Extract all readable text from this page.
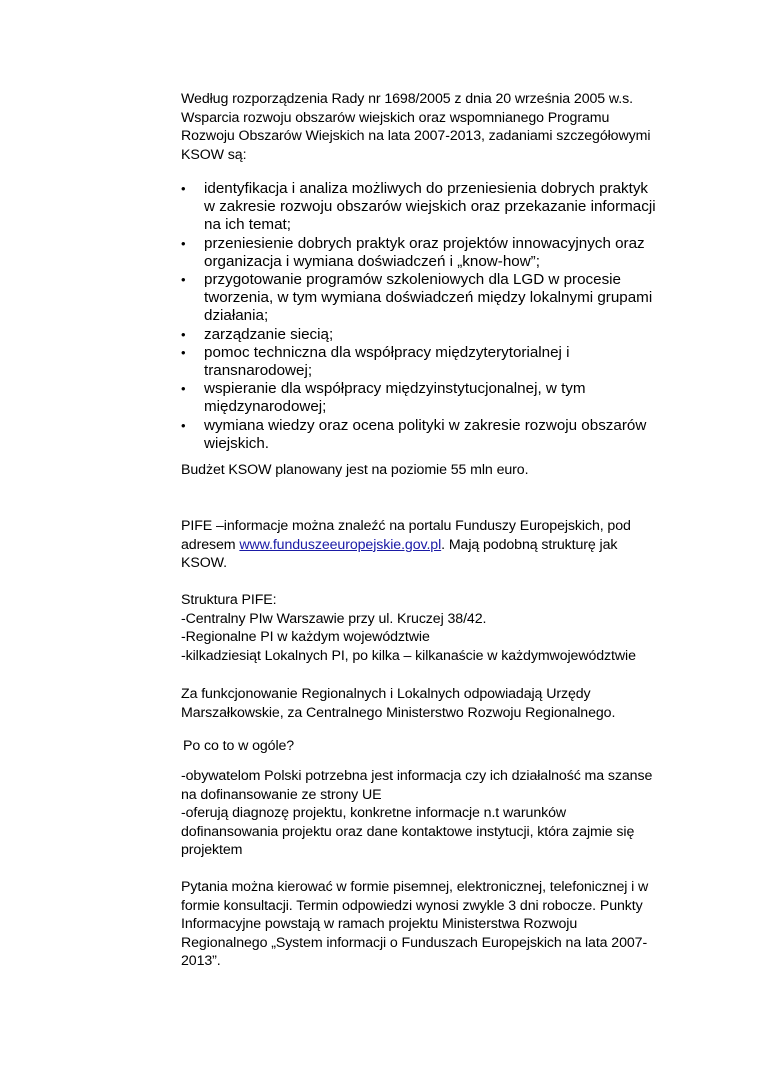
Według rozporządzenia Rady nr 1698/2005 z dnia 20 września 2005 w.s.
Wsparcia rozwoju obszarów wiejskich oraz wspomnianego Programu
Rozwoju Obszarów Wiejskich na lata 2007-2013, zadaniami szczegółowymi
KSOW są:
• identyfikacja i analiza możliwych do przeniesienia dobrych praktyk
w zakresie rozwoju obszarów wiejskich oraz przekazanie informacji
na ich temat;
• przeniesienie dobrych praktyk oraz projektów innowacyjnych oraz
organizacja i wymiana doświadczeń i „know-how”;
• przygotowanie programów szkoleniowych dla LGD w procesie
tworzenia, w tym wymiana doświadczeń między lokalnymi grupami
działania;
• zarządzanie siecią;
• pomoc techniczna dla współpracy międzyterytorialnej i
transnarodowej;
• wspieranie dla współpracy międzyinstytucjonalnej, w tym
międzynarodowej;
• wymiana wiedzy oraz ocena polityki w zakresie rozwoju obszarów
wiejskich.
Budżet KSOW planowany jest na poziomie 55 mln euro.
PIFE –informacje można znaleźć na portalu Funduszy Europejskich, pod
adresem www.funduszeeuropejskie.gov.pl. Mają podobną strukturę jak
KSOW.
Struktura PIFE:
-Centralny PIw Warszawie przy ul. Kruczej 38/42.
-Regionalne PI w każdym województwie
-kilkadziesiąt Lokalnych PI, po kilka – kilkanaście w każdymwojewództwie
Za funkcjonowanie Regionalnych i Lokalnych odpowiadają Urzędy
Marszałkowskie, za Centralnego Ministerstwo Rozwoju Regionalnego.
Po co to w ogóle?
-obywatelom Polski potrzebna jest informacja czy ich działalność ma szanse
na dofinansowanie ze strony UE
-oferują diagnozę projektu, konkretne informacje n.t warunków
dofinansowania projektu oraz dane kontaktowe instytucji, która zajmie się
projektem
Pytania można kierować w formie pisemnej, elektronicznej, telefonicznej i w
formie konsultacji. Termin odpowiedzi wynosi zwykle 3 dni robocze. Punkty
Informacyjne powstają w ramach projektu Ministerstwa Rozwoju
Regionalnego „System informacji o Funduszach Europejskich na lata 2007-
2013”.
